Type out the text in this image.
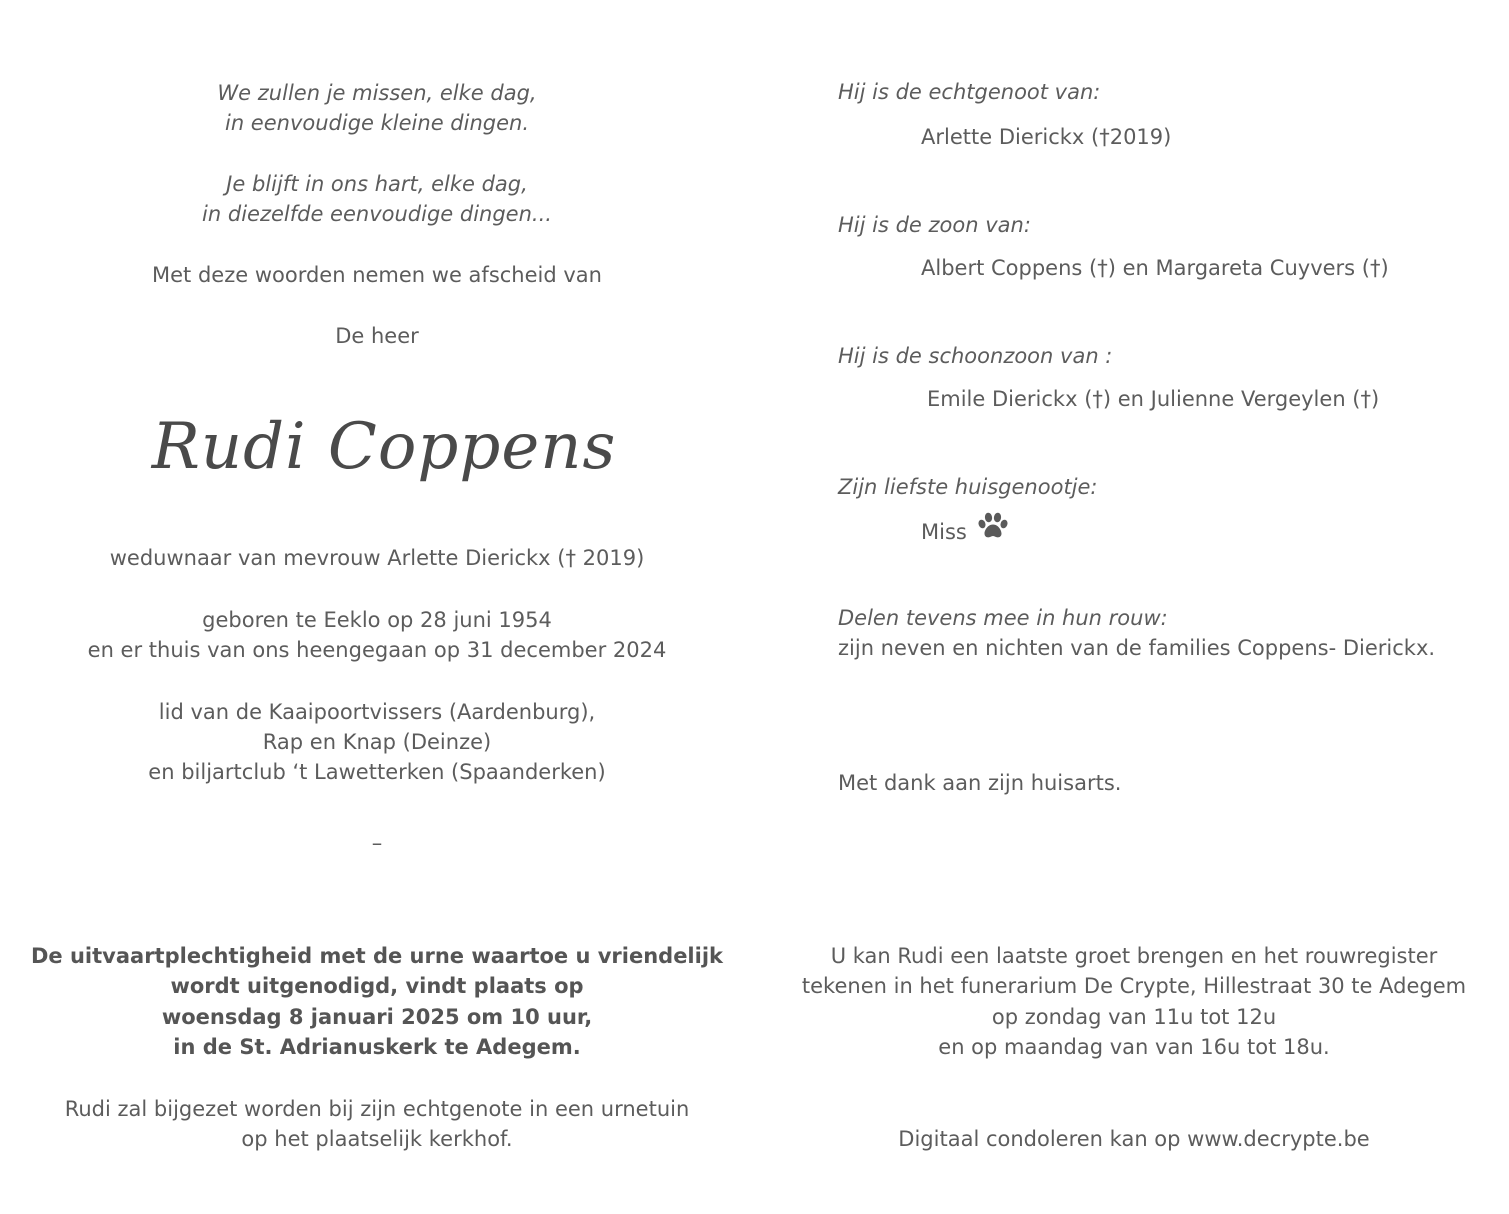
We zullen je missen, elke dag,

in eenvoudige kleine dingen.

Je blijft in ons hart, elke dag,

in diezelfde eenvoudige dingen...

Met deze woorden nemen we afscheid van

De heer

Rudi Coppens

weduwnaar van mevrouw Arlette Dierickx († 2019)

geboren te Eeklo op 28 juni 1954

en er thuis van ons heengegaan op 31 december 2024

lid van de Kaaipoortvissers (Aardenburg),

Rap en Knap (Deinze)

en biljartclub ‘t Lawetterken (Spaanderken)

–

De uitvaartplechtigheid met de urne waartoe u vriendelijk

wordt uitgenodigd, vindt plaats op

woensdag 8 januari 2025 om 10 uur,

in de St. Adrianuskerk te Adegem.

Rudi zal bijgezet worden bij zijn echtgenote in een urnetuin

op het plaatselijk kerkhof.

Hij is de echtgenoot van:

Arlette Dierickx (†2019)

Hij is de zoon van:

Albert Coppens (†) en Margareta Cuyvers (†)

Hij is de schoonzoon van :

Emile Dierickx (†) en Julienne Vergeylen (†)

Zijn liefste huisgenootje:

Miss

Delen tevens mee in hun rouw:

zijn neven en nichten van de families Coppens- Dierickx.

Met dank aan zijn huisarts.

U kan Rudi een laatste groet brengen en het rouwregister

tekenen in het funerarium De Crypte, Hillestraat 30 te Adegem

op zondag van 11u tot 12u

en op maandag van van 16u tot 18u.

Digitaal condoleren kan op www.decrypte.be
